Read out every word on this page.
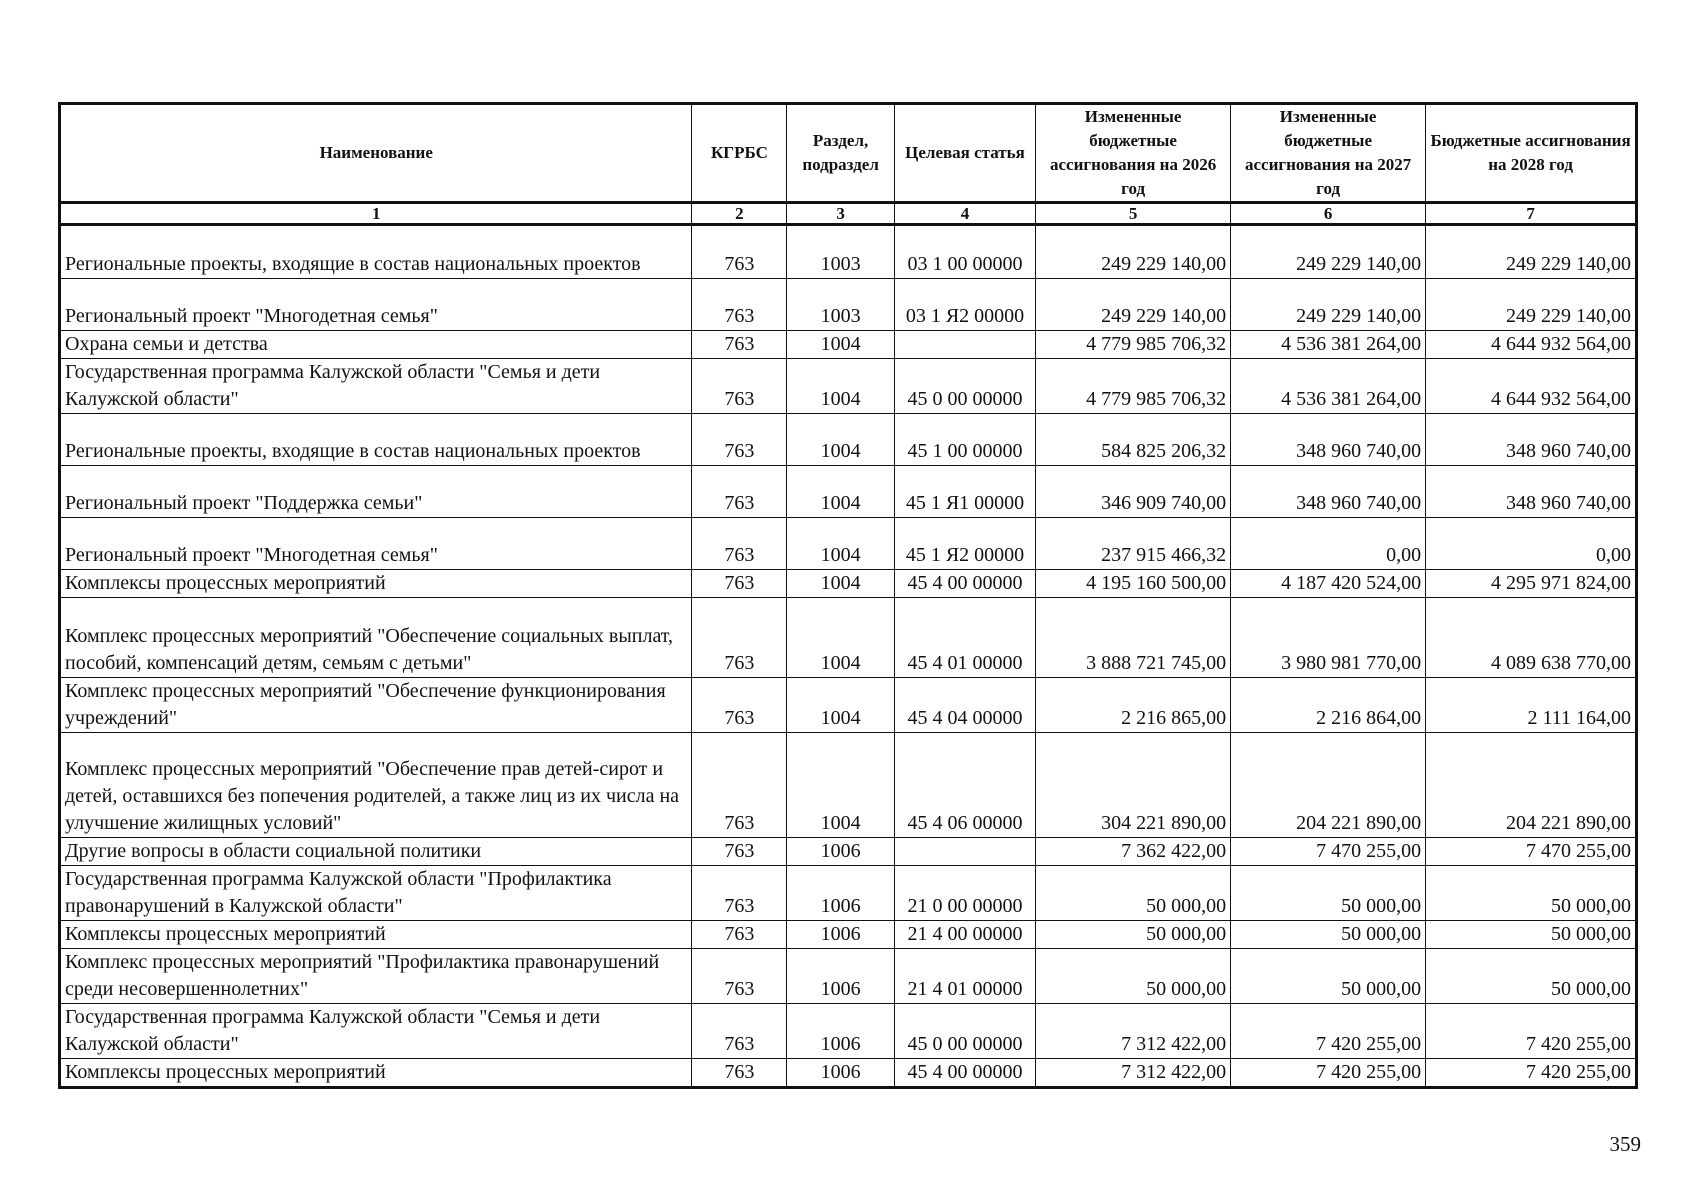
Наименование	КГРБС	Раздел, подраздел	Целевая статья	Измененные бюджетные ассигнования на 2026 год	Измененные бюджетные ассигнования на 2027 год	Бюджетные ассигнования на 2028 год
1	2	3	4	5	6	7
Региональные проекты, входящие в состав национальных проектов	763	1003	03 1 00 00000	249 229 140,00	249 229 140,00	249 229 140,00
Региональный проект "Многодетная семья"	763	1003	03 1 Я2 00000	249 229 140,00	249 229 140,00	249 229 140,00
Охрана семьи и детства	763	1004		4 779 985 706,32	4 536 381 264,00	4 644 932 564,00
Государственная программа Калужской области "Семья и дети Калужской области"	763	1004	45 0 00 00000	4 779 985 706,32	4 536 381 264,00	4 644 932 564,00
Региональные проекты, входящие в состав национальных проектов	763	1004	45 1 00 00000	584 825 206,32	348 960 740,00	348 960 740,00
Региональный проект "Поддержка семьи"	763	1004	45 1 Я1 00000	346 909 740,00	348 960 740,00	348 960 740,00
Региональный проект "Многодетная семья"	763	1004	45 1 Я2 00000	237 915 466,32	0,00	0,00
Комплексы процессных мероприятий	763	1004	45 4 00 00000	4 195 160 500,00	4 187 420 524,00	4 295 971 824,00
Комплекс процессных мероприятий "Обеспечение социальных выплат, пособий, компенсаций детям, семьям с детьми"	763	1004	45 4 01 00000	3 888 721 745,00	3 980 981 770,00	4 089 638 770,00
Комплекс процессных мероприятий "Обеспечение функционирования учреждений"	763	1004	45 4 04 00000	2 216 865,00	2 216 864,00	2 111 164,00
Комплекс процессных мероприятий "Обеспечение прав детей-сирот и детей, оставшихся без попечения родителей, а также лиц из их числа на улучшение жилищных условий"	763	1004	45 4 06 00000	304 221 890,00	204 221 890,00	204 221 890,00
Другие вопросы в области социальной политики	763	1006		7 362 422,00	7 470 255,00	7 470 255,00
Государственная программа Калужской области "Профилактика правонарушений в Калужской области"	763	1006	21 0 00 00000	50 000,00	50 000,00	50 000,00
Комплексы процессных мероприятий	763	1006	21 4 00 00000	50 000,00	50 000,00	50 000,00
Комплекс процессных мероприятий "Профилактика правонарушений среди несовершеннолетних"	763	1006	21 4 01 00000	50 000,00	50 000,00	50 000,00
Государственная программа Калужской области "Семья и дети Калужской области"	763	1006	45 0 00 00000	7 312 422,00	7 420 255,00	7 420 255,00
Комплексы процессных мероприятий	763	1006	45 4 00 00000	7 312 422,00	7 420 255,00	7 420 255,00
359
